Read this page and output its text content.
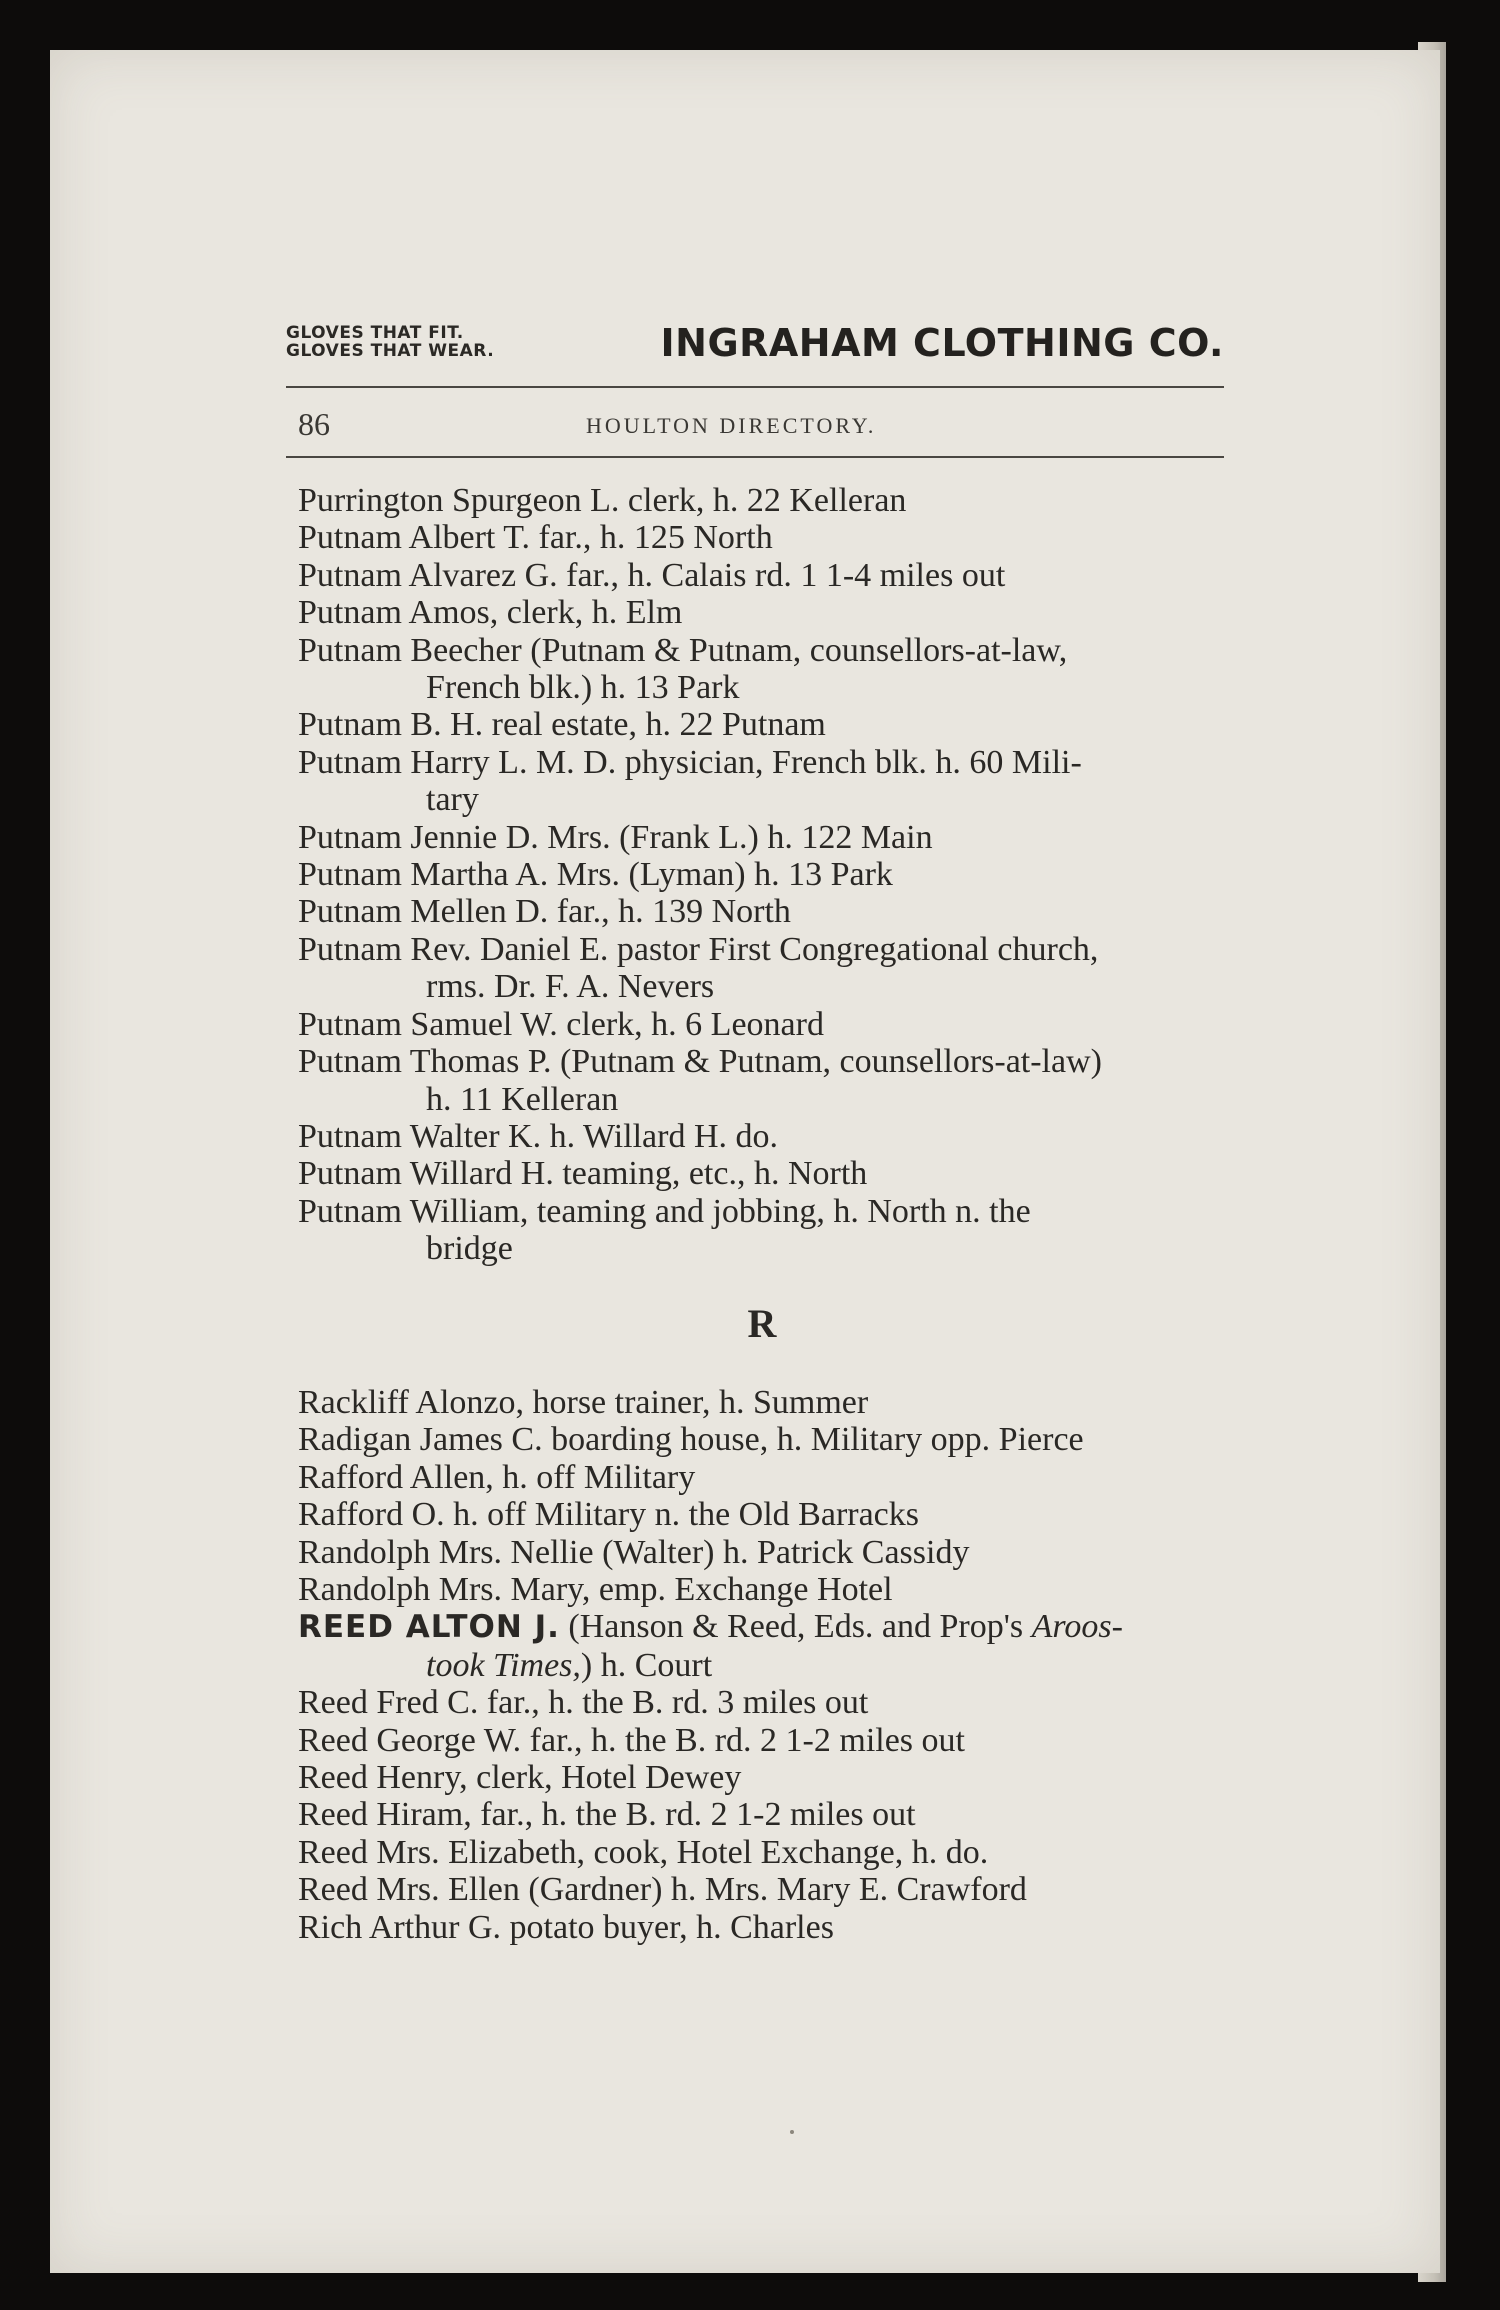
GLOVES THAT FIT.
GLOVES THAT WEAR.	INGRAHAM CLOTHING CO.
86	HOULTON DIRECTORY.

Purrington Spurgeon L. clerk, h. 22 Kelleran

Putnam Albert T. far., h. 125 North

Putnam Alvarez G. far., h. Calais rd. 1 1-4 miles out

Putnam Amos, clerk, h. Elm

Putnam Beecher (Putnam & Putnam, counsellors-at-law,
French blk.) h. 13 Park

Putnam B. H. real estate, h. 22 Putnam

Putnam Harry L. M. D. physician, French blk. h. 60 Mili-
tary

Putnam Jennie D. Mrs. (Frank L.) h. 122 Main

Putnam Martha A. Mrs. (Lyman) h. 13 Park

Putnam Mellen D. far., h. 139 North

Putnam Rev. Daniel E. pastor First Congregational church,
rms. Dr. F. A. Nevers

Putnam Samuel W. clerk, h. 6 Leonard

Putnam Thomas P. (Putnam & Putnam, counsellors-at-law)
h. 11 Kelleran

Putnam Walter K. h. Willard H. do.

Putnam Willard H. teaming, etc., h. North

Putnam William, teaming and jobbing, h. North n. the
bridge

R

Rackliff Alonzo, horse trainer, h. Summer

Radigan James C. boarding house, h. Military opp. Pierce

Rafford Allen, h. off Military

Rafford O. h. off Military n. the Old Barracks

Randolph Mrs. Nellie (Walter) h. Patrick Cassidy

Randolph Mrs. Mary, emp. Exchange Hotel

REED ALTON J. (Hanson & Reed, Eds. and Prop's Aroos-
took Times,) h. Court

Reed Fred C. far., h. the B. rd. 3 miles out

Reed George W. far., h. the B. rd. 2 1-2 miles out

Reed Henry, clerk, Hotel Dewey

Reed Hiram, far., h. the B. rd. 2 1-2 miles out

Reed Mrs. Elizabeth, cook, Hotel Exchange, h. do.

Reed Mrs. Ellen (Gardner) h. Mrs. Mary E. Crawford

Rich Arthur G. potato buyer, h. Charles
